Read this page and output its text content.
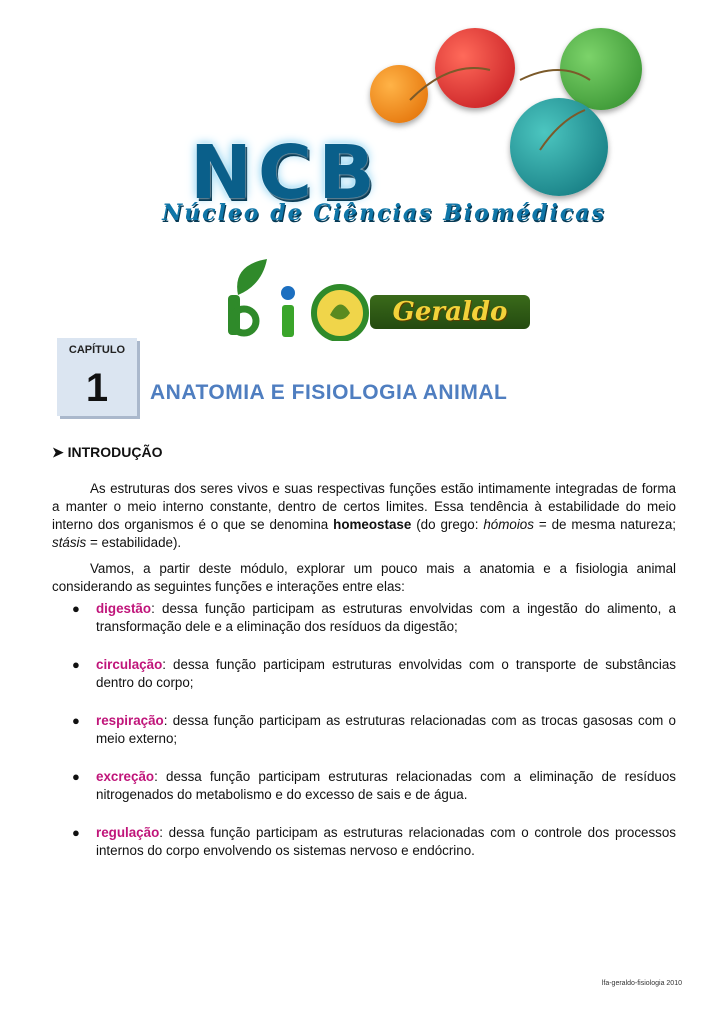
NCB
Núcleo de Ciências Biomédicas
Geraldo
CAPÍTULO
1	ANATOMIA E FISIOLOGIA ANIMAL
➤ INTRODUÇÃO
As estruturas dos seres vivos e suas respectivas funções estão intimamente integradas de forma a manter o meio interno constante, dentro de certos limites. Essa tendência à estabilidade do meio interno dos organismos é o que se denomina homeostase (do grego: hómoios = de mesma natureza; stásis = estabilidade).
Vamos, a partir deste módulo, explorar um pouco mais a anatomia e a fisiologia animal considerando as seguintes funções e interações entre elas:
● digestão: dessa função participam as estruturas envolvidas com a ingestão do alimento, a transformação dele e a eliminação dos resíduos da digestão;
● circulação: dessa função participam estruturas envolvidas com o transporte de substâncias dentro do corpo;
● respiração: dessa função participam as estruturas relacionadas com as trocas gasosas com o meio externo;
● excreção: dessa função participam estruturas relacionadas com a eliminação de resíduos nitrogenados do metabolismo e do excesso de sais e de água.
● regulação: dessa função participam as estruturas relacionadas com o controle dos processos internos do corpo envolvendo os sistemas nervoso e endócrino.
lfa-geraldo-fisiologia 2010
